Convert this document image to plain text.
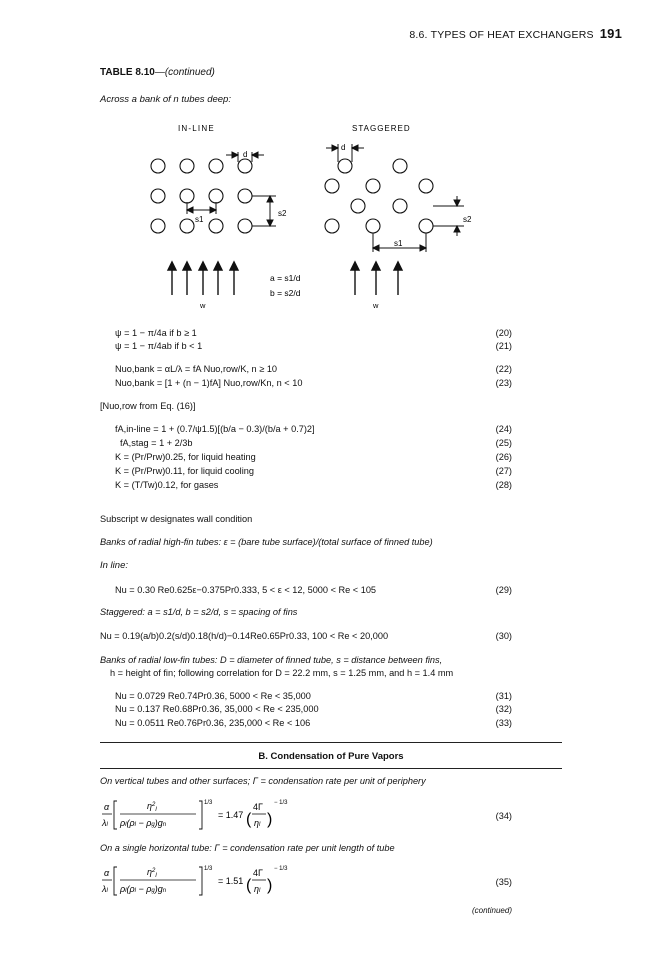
8.6. TYPES OF HEAT EXCHANGERS 191
TABLE 8.10—(continued)
Across a bank of n tubes deep:
IN-LINE	STAGGERED
d
d
s1
s2
s2
s1
a = s1/d
b = s2/d
w	w
ψ = 1 − π/4a if b ≥ 1	(20)
ψ = 1 − π/4ab if b < 1	(21)
Nuo,bank = αL/λ = fA Nuo,row/K, n ≥ 10	(22)
Nuo,bank = [1 + (n − 1)fA] Nuo,row/Kn, n < 10	(23)
[Nuo,row from Eq. (16)]
fA,in-line = 1 + (0.7/ψ1.5)[(b/a − 0.3)/(b/a + 0.7)2]	(24)
fA,stag = 1 + 2/3b	(25)
K = (Pr/Prw)0.25, for liquid heating	(26)
K = (Pr/Prw)0.11, for liquid cooling	(27)
K = (T/Tw)0.12, for gases	(28)
Subscript w designates wall condition
Banks of radial high-fin tubes: ε = (bare tube surface)/(total surface of finned tube)
In line:
Nu = 0.30 Re0.625ε−0.375Pr0.333, 5 < ε < 12, 5000 < Re < 105	(29)
Staggered: a = s1/d, b = s2/d, s = spacing of fins
Nu = 0.19(a/b)0.2(s/d)0.18(h/d)−0.14Re0.65Pr0.33, 100 < Re < 20,000	(30)
Banks of radial low-fin tubes: D = diameter of finned tube, s = distance between fins,
h = height of fin; following correlation for D = 22.2 mm, s = 1.25 mm, and h = 1.4 mm
Nu = 0.0729 Re0.74Pr0.36, 5000 < Re < 35,000	(31)
Nu = 0.137 Re0.68Pr0.36, 35,000 < Re < 235,000	(32)
Nu = 0.0511 Re0.76Pr0.36, 235,000 < Re < 106	(33)
B. Condensation of Pure Vapors
On vertical tubes and other surfaces; Γ = condensation rate per unit of periphery
α
λl
$\eta^2_l$
ρl(ρl − ρg)gn
1/3
= 1.47 (
4Γ
ηl )
− 1/3
(34)
On a single horizontal tube: Γ = condensation rate per unit length of tube
α
λl
$\eta^2_l$
ρl(ρl − ρg)gn
1/3
= 1.51 (
4Γ
ηl )
− 1/3
(35)
(continued)
